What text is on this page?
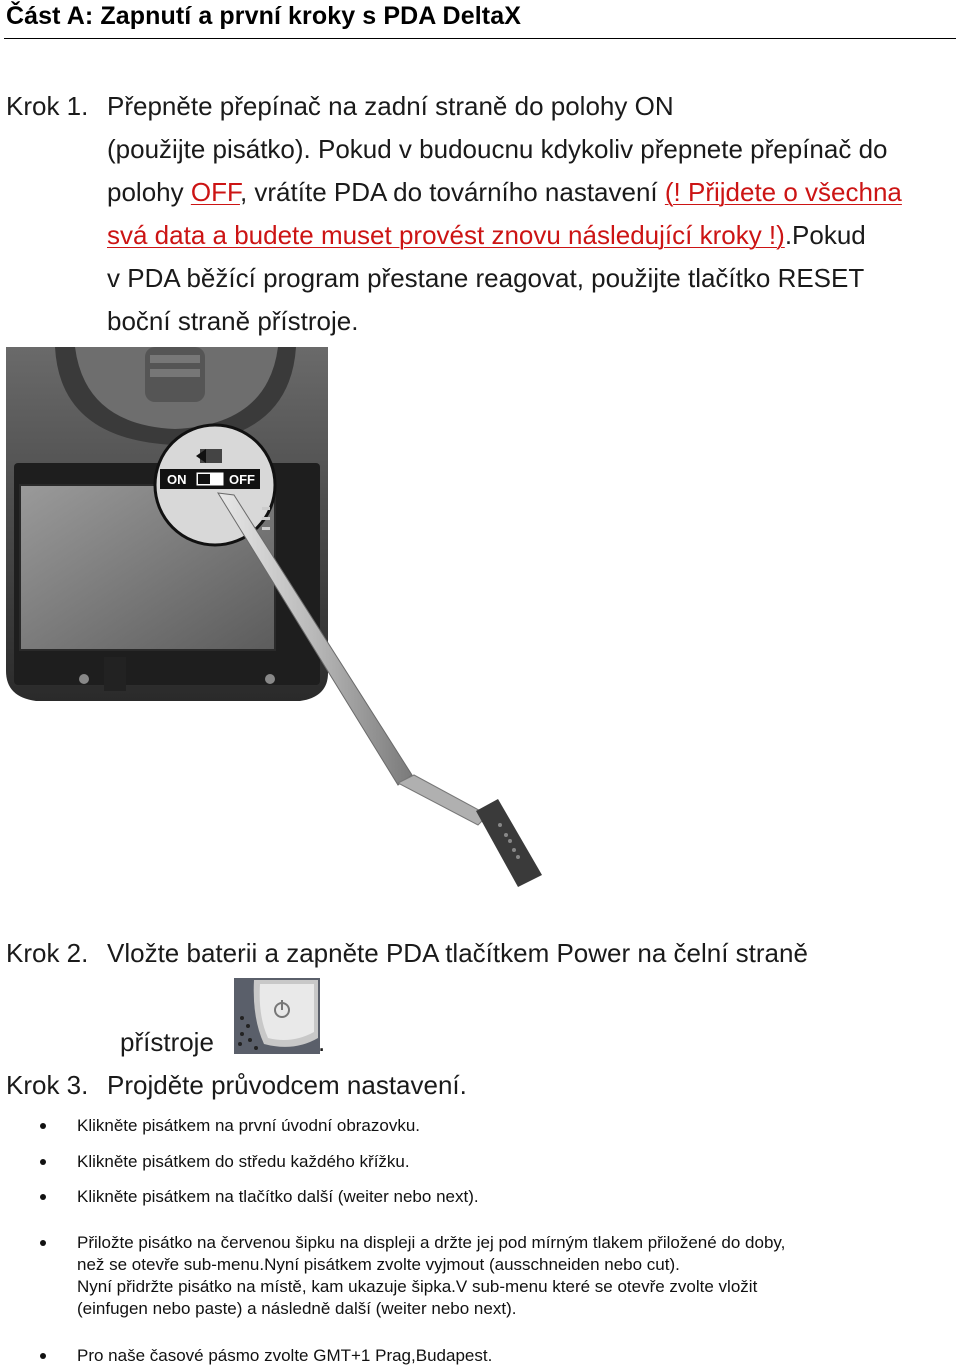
Část A: Zapnutí a první kroky s PDA DeltaX
Krok 1. Přepněte přepínač na zadní straně do polohy ON
(použijte pisátko). Pokud v budoucnu kdykoliv přepnete přepínač do
polohy OFF, vrátíte PDA do továrního nastavení (! Přijdete o všechna
svá data a budete muset provést znovu následující kroky !).Pokud
v PDA běžící program přestane reagovat, použijte tlačítko RESET
boční straně přístroje.
ON	OFF
Krok 2. Vložte baterii a zapněte PDA tlačítkem Power na čelní straně
přístroje	.
Krok 3. Projděte průvodcem nastavení.
Klikněte pisátkem na první úvodní obrazovku.
Klikněte pisátkem do středu každého křížku.
Klikněte pisátkem na tlačítko další (weiter nebo next).
Přiložte pisátko na červenou šipku na displeji a držte jej pod mírným tlakem přiložené do doby,
než se otevře sub-menu.Nyní pisátkem zvolte vyjmout (ausschneiden nebo cut).
Nyní přidržte pisátko na místě, kam ukazuje šipka.V sub-menu které se otevře zvolte vložit
(einfugen nebo paste) a následně další (weiter nebo next).
Pro naše časové pásmo zvolte GMT+1 Prag,Budapest.
